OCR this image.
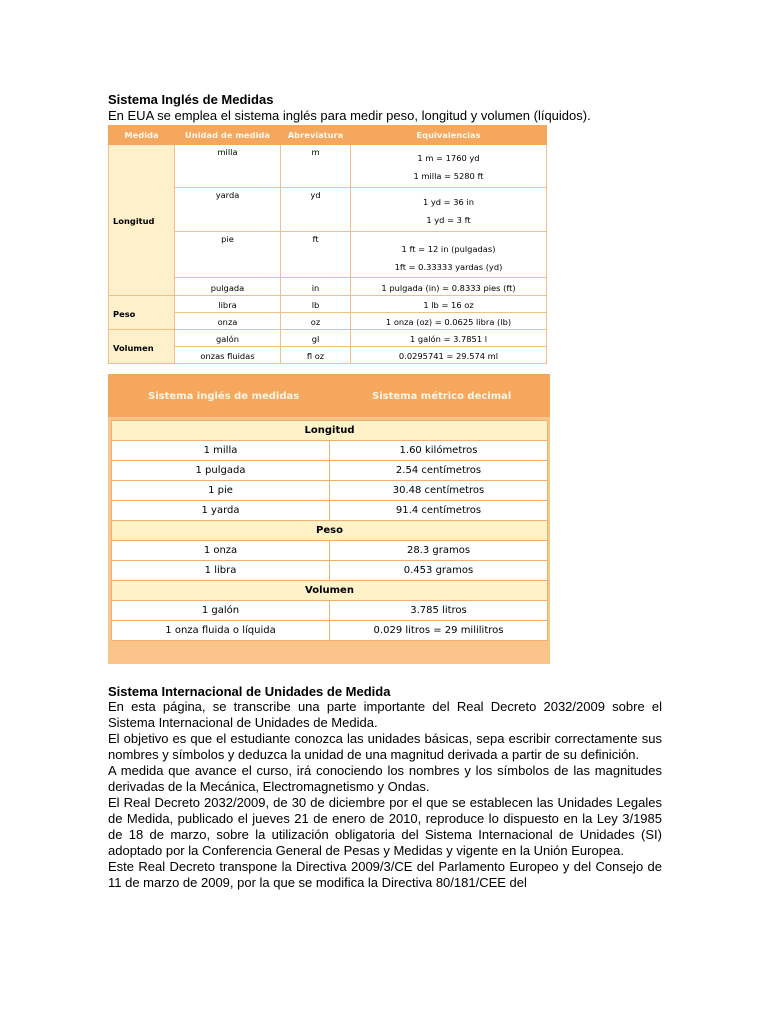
Sistema Inglés de Medidas
En EUA se emplea el sistema inglés para medir peso, longitud y volumen (líquidos).
Medida	Unidad de medida	Abreviatura	Equivalencias
Longitud	milla	m	1 m = 1760 yd
1 milla = 5280 ft

	yarda	yd	1 yd = 36 in
1 yd = 3 ft

	pie	ft	1 ft = 12 in (pulgadas)
1ft = 0.33333 yardas (yd)

	pulgada	in	1 pulgada (in) = 0.8333 pies (ft)
Peso	libra	lb	1 lb = 16 oz
	onza	oz	1 onza (oz) = 0.0625 libra (lb)
Volumen	galón	gl	1 galón = 3.7851 l
	onzas fluidas	fl oz	0.0295741 = 29.574 ml
Sistema inglés de medidas	Sistema métrico decimal
Longitud	
1 milla	1.60 kilómetros
1 pulgada	2.54 centímetros
1 pie	30.48 centímetros
1 yarda	91.4 centímetros
Peso	
1 onza	28.3 gramos
1 libra	0.453 gramos
Volumen	
1 galón	3.785 litros
1 onza fluida o líquida	0.029 litros = 29 mililitros
Sistema Internacional de Unidades de Medida

En esta página, se transcribe una parte importante del Real Decreto 2032/2009 sobre el Sistema Internacional de Unidades de Medida.

El objetivo es que el estudiante conozca las unidades básicas, sepa escribir correctamente sus nombres y símbolos y deduzca la unidad de una magnitud derivada a partir de su definición.

A medida que avance el curso, irá conociendo los nombres y los símbolos de las magnitudes derivadas de la Mecánica, Electromagnetismo y Ondas.

El Real Decreto 2032/2009, de 30 de diciembre por el que se establecen las Unidades Legales de Medida, publicado el jueves 21 de enero de 2010, reproduce lo dispuesto en la Ley 3/1985 de 18 de marzo, sobre la utilización obligatoria del Sistema Internacional de Unidades (SI) adoptado por la Conferencia General de Pesas y Medidas y vigente en la Unión Europea.

Este Real Decreto transpone la Directiva 2009/3/CE del Parlamento Europeo y del Consejo de 11 de marzo de 2009, por la que se modifica la Directiva 80/181/CEE del
